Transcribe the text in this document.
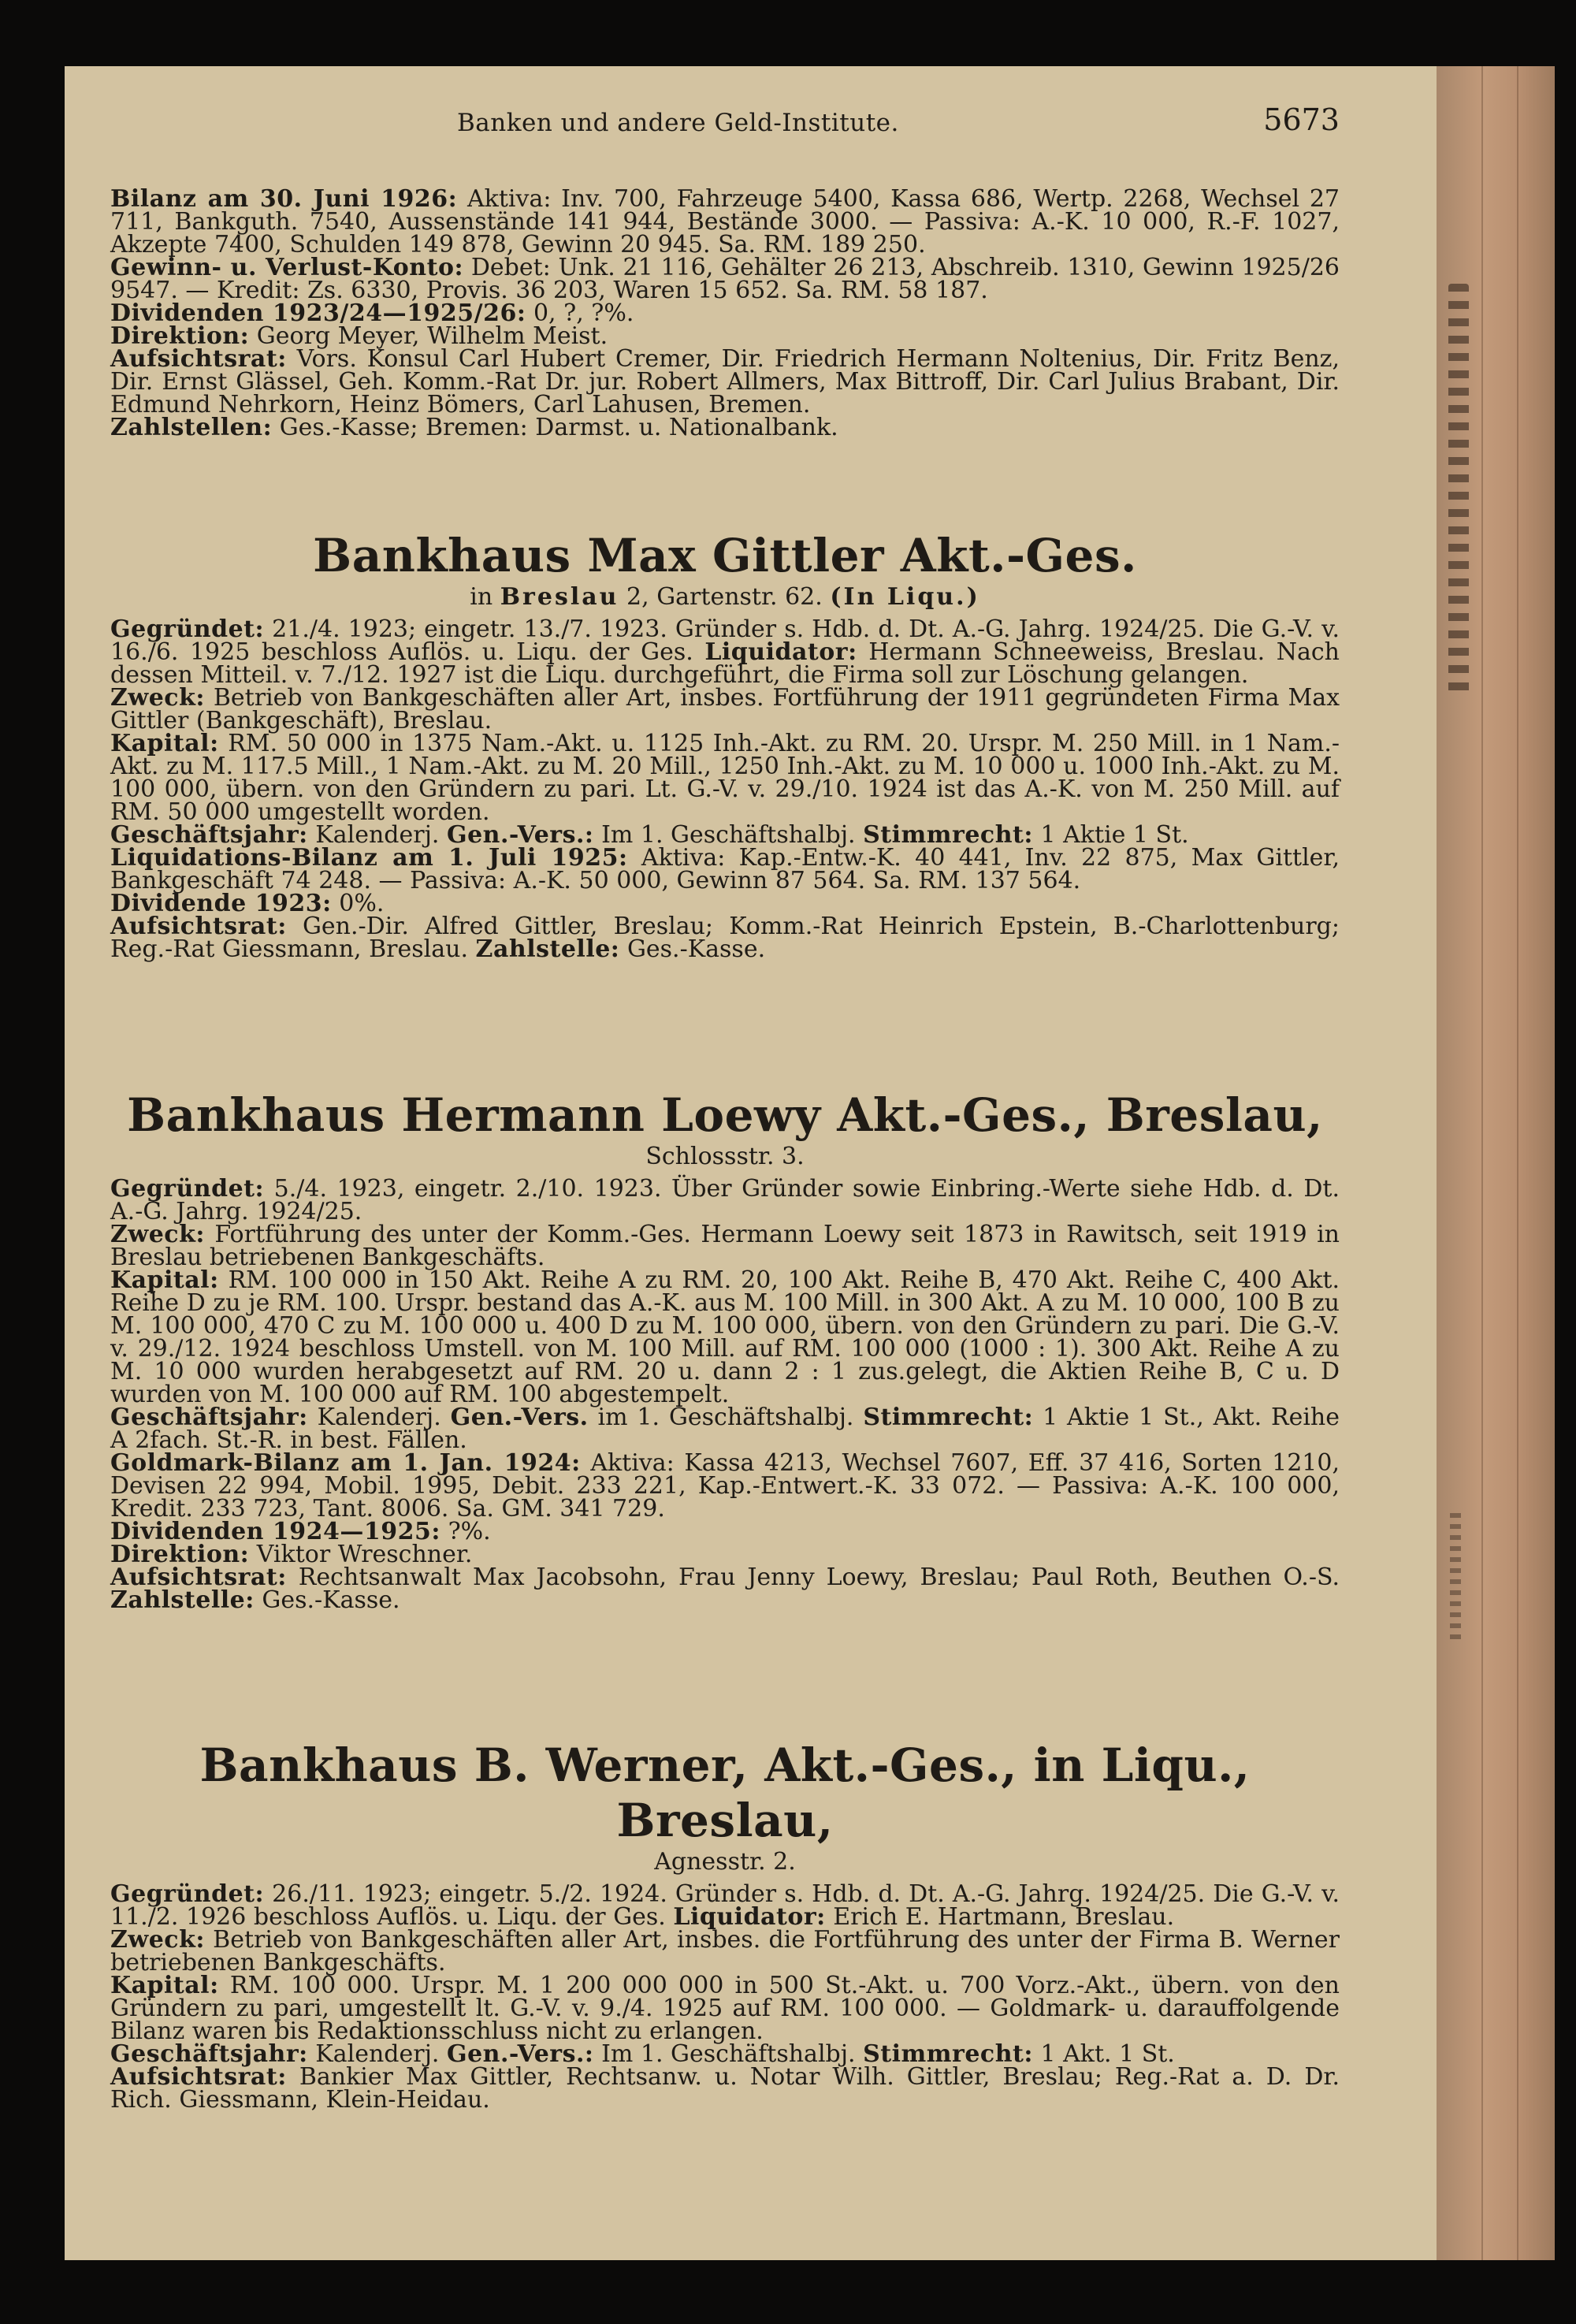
Banken und andere Geld-Institute.	5673

Bilanz am 30. Juni 1926: Aktiva: Inv. 700, Fahrzeuge 5400, Kassa 686, Wertp. 2268, Wechsel 27 711, Bankguth. 7540, Aussenstände 141 944, Bestände 3000. — Passiva: A.-K. 10 000, R.-F. 1027, Akzepte 7400, Schulden 149 878, Gewinn 20 945. Sa. RM. 189 250.

Gewinn- u. Verlust-Konto: Debet: Unk. 21 116, Gehälter 26 213, Abschreib. 1310, Gewinn 1925/26 9547. — Kredit: Zs. 6330, Provis. 36 203, Waren 15 652. Sa. RM. 58 187.

Dividenden 1923/24—1925/26: 0, ?, ?%.

Direktion: Georg Meyer, Wilhelm Meist.

Aufsichtsrat: Vors. Konsul Carl Hubert Cremer, Dir. Friedrich Hermann Noltenius, Dir. Fritz Benz, Dir. Ernst Glässel, Geh. Komm.-Rat Dr. jur. Robert Allmers, Max Bittroff, Dir. Carl Julius Brabant, Dir. Edmund Nehrkorn, Heinz Bömers, Carl Lahusen, Bremen.

Zahlstellen: Ges.-Kasse; Bremen: Darmst. u. Nationalbank.

Bankhaus Max Gittler Akt.-Ges.

in Breslau 2, Gartenstr. 62. (In Liqu.)

Gegründet: 21./4. 1923; eingetr. 13./7. 1923. Gründer s. Hdb. d. Dt. A.-G. Jahrg. 1924/25. Die G.-V. v. 16./6. 1925 beschloss Auflös. u. Liqu. der Ges. Liquidator: Hermann Schneeweiss, Breslau. Nach dessen Mitteil. v. 7./12. 1927 ist die Liqu. durchgeführt, die Firma soll zur Löschung gelangen.

Zweck: Betrieb von Bankgeschäften aller Art, insbes. Fortführung der 1911 gegründeten Firma Max Gittler (Bankgeschäft), Breslau.

Kapital: RM. 50 000 in 1375 Nam.-Akt. u. 1125 Inh.-Akt. zu RM. 20. Urspr. M. 250 Mill. in 1 Nam.-Akt. zu M. 117.5 Mill., 1 Nam.-Akt. zu M. 20 Mill., 1250 Inh.-Akt. zu M. 10 000 u. 1000 Inh.-Akt. zu M. 100 000, übern. von den Gründern zu pari. Lt. G.-V. v. 29./10. 1924 ist das A.-K. von M. 250 Mill. auf RM. 50 000 umgestellt worden.

Geschäftsjahr: Kalenderj. Gen.-Vers.: Im 1. Geschäftshalbj. Stimmrecht: 1 Aktie 1 St.

Liquidations-Bilanz am 1. Juli 1925: Aktiva: Kap.-Entw.-K. 40 441, Inv. 22 875, Max Gittler, Bankgeschäft 74 248. — Passiva: A.-K. 50 000, Gewinn 87 564. Sa. RM. 137 564.

Dividende 1923: 0%.

Aufsichtsrat: Gen.-Dir. Alfred Gittler, Breslau; Komm.-Rat Heinrich Epstein, B.-Charlottenburg; Reg.-Rat Giessmann, Breslau. Zahlstelle: Ges.-Kasse.

Bankhaus Hermann Loewy Akt.-Ges., Breslau,

Schlossstr. 3.

Gegründet: 5./4. 1923, eingetr. 2./10. 1923. Über Gründer sowie Einbring.-Werte siehe Hdb. d. Dt. A.-G. Jahrg. 1924/25.

Zweck: Fortführung des unter der Komm.-Ges. Hermann Loewy seit 1873 in Rawitsch, seit 1919 in Breslau betriebenen Bankgeschäfts.

Kapital: RM. 100 000 in 150 Akt. Reihe A zu RM. 20, 100 Akt. Reihe B, 470 Akt. Reihe C, 400 Akt. Reihe D zu je RM. 100. Urspr. bestand das A.-K. aus M. 100 Mill. in 300 Akt. A zu M. 10 000, 100 B zu M. 100 000, 470 C zu M. 100 000 u. 400 D zu M. 100 000, übern. von den Gründern zu pari. Die G.-V. v. 29./12. 1924 beschloss Umstell. von M. 100 Mill. auf RM. 100 000 (1000 : 1). 300 Akt. Reihe A zu M. 10 000 wurden herabgesetzt auf RM. 20 u. dann 2 : 1 zus.gelegt, die Aktien Reihe B, C u. D wurden von M. 100 000 auf RM. 100 abgestempelt.

Geschäftsjahr: Kalenderj. Gen.-Vers. im 1. Geschäftshalbj. Stimmrecht: 1 Aktie 1 St., Akt. Reihe A 2fach. St.-R. in best. Fällen.

Goldmark-Bilanz am 1. Jan. 1924: Aktiva: Kassa 4213, Wechsel 7607, Eff. 37 416, Sorten 1210, Devisen 22 994, Mobil. 1995, Debit. 233 221, Kap.-Entwert.-K. 33 072. — Passiva: A.-K. 100 000, Kredit. 233 723, Tant. 8006. Sa. GM. 341 729.

Dividenden 1924—1925: ?%.

Direktion: Viktor Wreschner.

Aufsichtsrat: Rechtsanwalt Max Jacobsohn, Frau Jenny Loewy, Breslau; Paul Roth, Beuthen O.-S. Zahlstelle: Ges.-Kasse.

Bankhaus B. Werner, Akt.-Ges., in Liqu., Breslau,

Agnesstr. 2.

Gegründet: 26./11. 1923; eingetr. 5./2. 1924. Gründer s. Hdb. d. Dt. A.-G. Jahrg. 1924/25. Die G.-V. v. 11./2. 1926 beschloss Auflös. u. Liqu. der Ges. Liquidator: Erich E. Hartmann, Breslau.

Zweck: Betrieb von Bankgeschäften aller Art, insbes. die Fortführung des unter der Firma B. Werner betriebenen Bankgeschäfts.

Kapital: RM. 100 000. Urspr. M. 1 200 000 000 in 500 St.-Akt. u. 700 Vorz.-Akt., übern. von den Gründern zu pari, umgestellt lt. G.-V. v. 9./4. 1925 auf RM. 100 000. — Goldmark- u. darauffolgende Bilanz waren bis Redaktionsschluss nicht zu erlangen.

Geschäftsjahr: Kalenderj. Gen.-Vers.: Im 1. Geschäftshalbj. Stimmrecht: 1 Akt. 1 St.

Aufsichtsrat: Bankier Max Gittler, Rechtsanw. u. Notar Wilh. Gittler, Breslau; Reg.-Rat a. D. Dr. Rich. Giessmann, Klein-Heidau.
